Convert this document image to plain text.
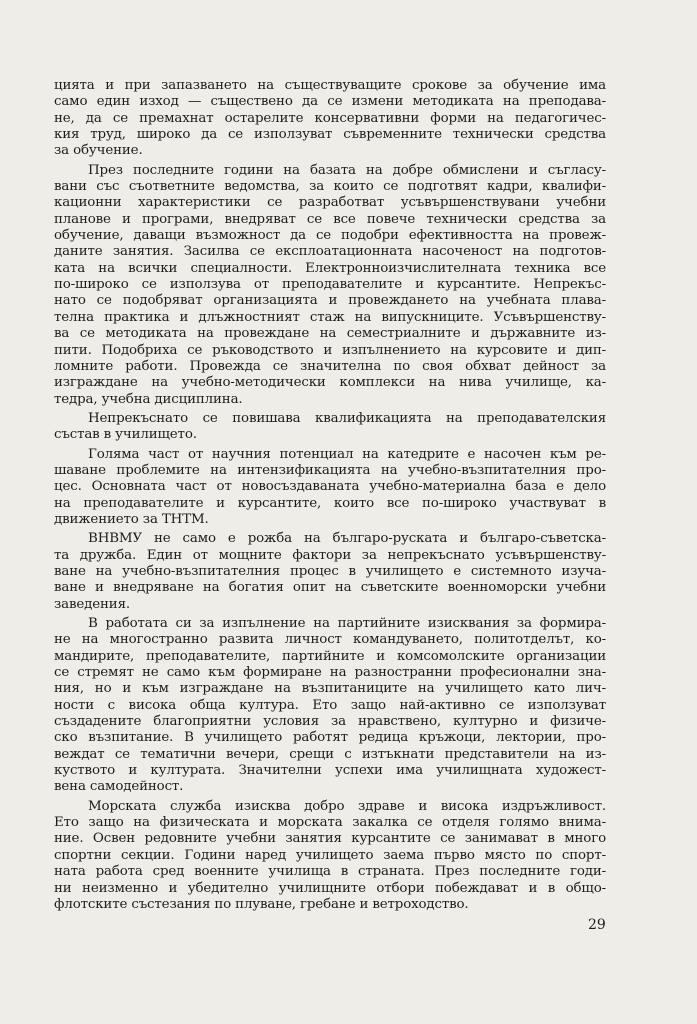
цията и при запазването на съществуващите срокове за обучение има
само един изход — съществено да се измени методиката на преподава-
не, да се премахнат остарелите консервативни форми на педагогичес-
кия труд, широко да се използуват съвременните технически средства
за обучение.
През последните години на базата на добре обмислени и съгласу-
вани със съответните ведомства, за които се подготвят кадри, квалифи-
кационни характеристики се разработват усъвършенствувани учебни
планове и програми, внедряват се все повече технически средства за
обучение, даващи възможност да се подобри ефективността на провеж-
даните занятия. Засилва се експлоатационната насоченост на подготов-
ката на всички специалности. Електронноизчислителната техника все
по-широко се използува от преподавателите и курсантите. Непрекъс-
нато се подобряват организацията и провеждането на учебната плава-
телна практика и длъжностният стаж на випускниците. Усъвършенству-
ва се методиката на провеждане на семестриалните и държавните из-
пити. Подобриха се ръководството и изпълнението на курсовите и дип-
ломните работи. Провежда се значителна по своя обхват дейност за
изграждане на учебно-методически комплекси на нива училище, ка-
тедра, учебна дисциплина.
Непрекъснато се повишава квалификацията на преподавателския
състав в училището.
Голяма част от научния потенциал на катедрите е насочен към ре-
шаване проблемите на интензификацията на учебно-възпитателния про-
цес. Основната част от новосъздаваната учебно-материална база е дело
на преподавателите и курсантите, които все по-широко участвуват в
движението за ТНТМ.
ВНВМУ не само е рожба на българо-руската и българо-съветска-
та дружба. Един от мощните фактори за непрекъснато усъвършенству-
ване на учебно-възпитателния процес в училището е системното изуча-
ване и внедряване на богатия опит на съветските военноморски учебни
заведения.
В работата си за изпълнение на партийните изисквания за формира-
не на многостранно развита личност командуването, политотделът, ко-
мандирите, преподавателите, партийните и комсомолските организации
се стремят не само към формиране на разностранни професионални зна-
ния, но и към изграждане на възпитаниците на училището като лич-
ности с висока обща култура. Ето защо най-активно се използуват
създадените благоприятни условия за нравствено, културно и физиче-
ско възпитание. В училището работят редица кръжоци, лектории, про-
веждат се тематични вечери, срещи с изтъкнати представители на из-
куството и културата. Значителни успехи има училищната художест-
вена самодейност.
Морската служба изисква добро здраве и висока издръжливост.
Ето защо на физическата и морската закалка се отделя голямо внима-
ние. Освен редовните учебни занятия курсантите се занимават в много
спортни секции. Години наред училището заема първо място по спорт-
ната работа сред военните училища в страната. През последните годи-
ни неизменно и убедително училищните отбори побеждават и в общо-
флотските състезания по плуване, гребане и ветроходство.
29
